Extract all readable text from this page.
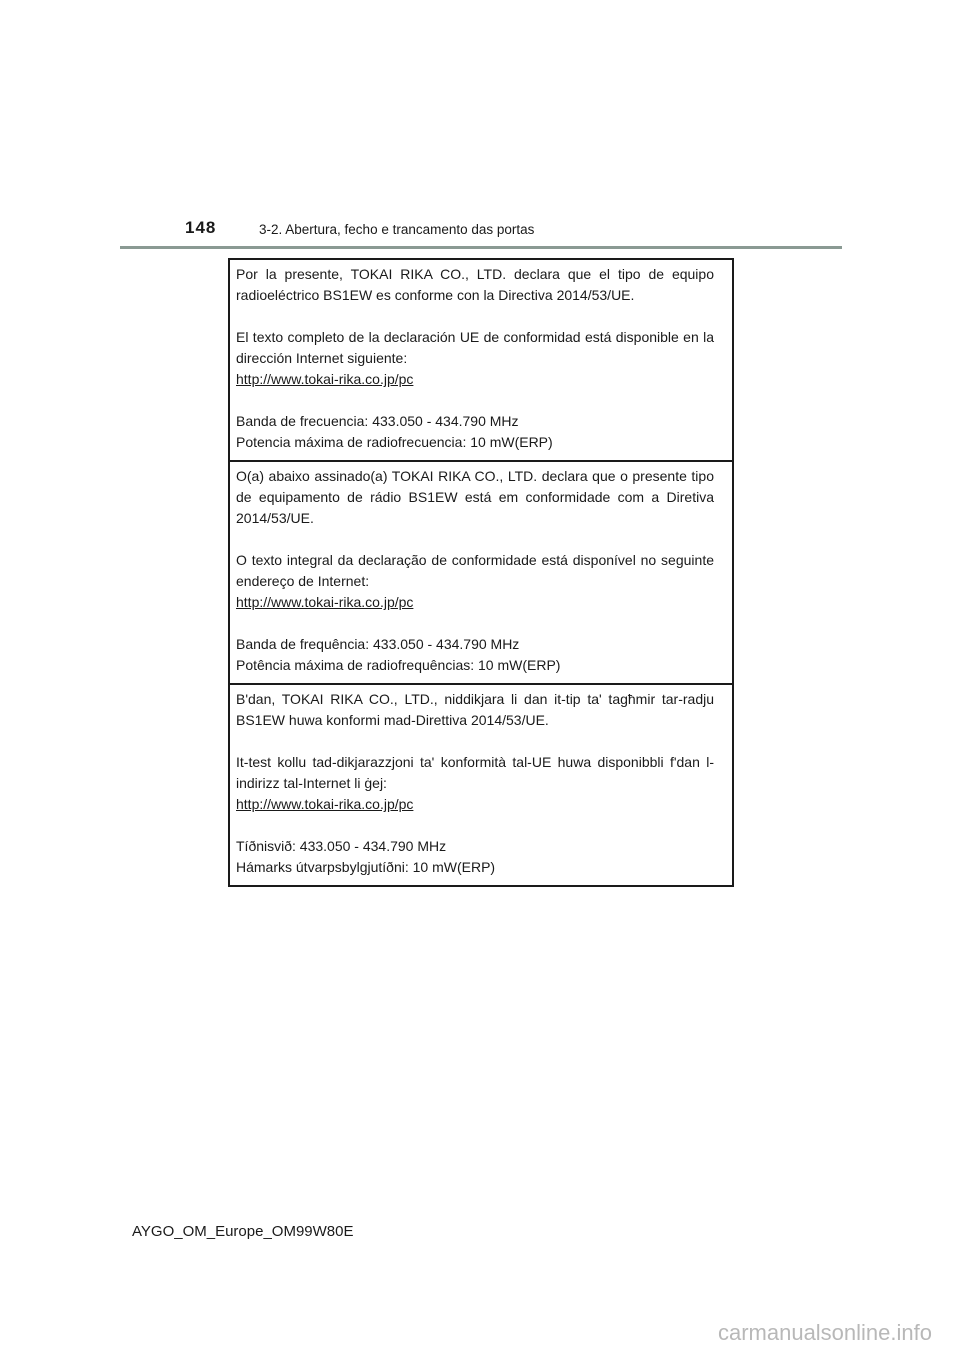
148	3-2. Abertura, fecho e trancamento das portas

Por la presente, TOKAI RIKA CO., LTD. declara que el tipo de equipo radioeléctrico BS1EW es conforme con la Directiva 2014/53/UE.

El texto completo de la declaración UE de conformidad está disponible en la dirección Internet siguiente:

http://www.tokai-rika.co.jp/pc

Banda de frecuencia: 433.050 - 434.790 MHz

Potencia máxima de radiofrecuencia: 10 mW(ERP)

O(a) abaixo assinado(a) TOKAI RIKA CO., LTD. declara que o presente tipo de equipamento de rádio BS1EW está em conformidade com a Diretiva 2014/53/UE.

O texto integral da declaração de conformidade está disponível no seguinte endereço de Internet:

http://www.tokai-rika.co.jp/pc

Banda de frequência: 433.050 - 434.790 MHz

Potência máxima de radiofrequências: 10 mW(ERP)

B'dan, TOKAI RIKA CO., LTD., niddikjara li dan it-tip ta' tagħmir tar-radju BS1EW huwa konformi mad-Direttiva 2014/53/UE.

It-test kollu tad-dikjarazzjoni ta' konformità tal-UE huwa disponibbli f'dan l-indirizz tal-Internet li ġej:

http://www.tokai-rika.co.jp/pc

Tíðnisvið: 433.050 - 434.790 MHz

Hámarks útvarpsbylgjutíðni: 10 mW(ERP)

AYGO_OM_Europe_OM99W80E
carmanualsonline.info
